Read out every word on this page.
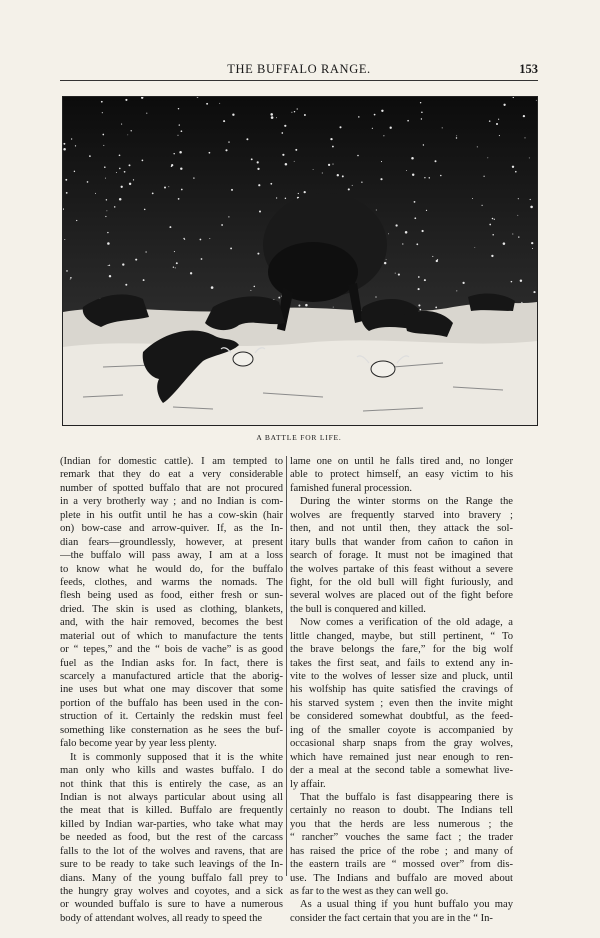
THE BUFFALO RANGE.	153
A BATTLE FOR LIFE.
(Indian for domestic cattle). I am tempted to
remark that they do eat a very considerable
number of spotted buffalo that are not procured
in a very brotherly way ; and no Indian is com-
plete in his outfit until he has a cow-skin (hair
on) bow-case and arrow-quiver. If, as the In-
dian fears—groundlessly, however, at present
—the buffalo will pass away, I am at a loss
to know what he would do, for the buffalo
feeds, clothes, and warms the nomads. The
flesh being used as food, either fresh or sun-
dried. The skin is used as clothing, blankets,
and, with the hair removed, becomes the best
material out of which to manufacture the tents
or “ tepes,” and the “ bois de vache” is as good
fuel as the Indian asks for. In fact, there is
scarcely a manufactured article that the aborig-
ine uses but what one may discover that some
portion of the buffalo has been used in the con-
struction of it. Certainly the redskin must feel
something like consternation as he sees the buf-
falo become year by year less plenty.
It is commonly supposed that it is the white
man only who kills and wastes buffalo. I do
not think that this is entirely the case, as an
Indian is not always particular about using all
the meat that is killed. Buffalo are frequently
killed by Indian war-parties, who take what may
be needed as food, but the rest of the carcass
falls to the lot of the wolves and ravens, that are
sure to be ready to take such leavings of the In-
dians. Many of the young buffalo fall prey to
the hungry gray wolves and coyotes, and a sick
or wounded buffalo is sure to have a numerous
body of attendant wolves, all ready to speed the
lame one on until he falls tired and, no longer
able to protect himself, an easy victim to his
famished funeral procession.
During the winter storms on the Range the
wolves are frequently starved into bravery ;
then, and not until then, they attack the sol-
itary bulls that wander from cañon to cañon in
search of forage. It must not be imagined that
the wolves partake of this feast without a severe
fight, for the old bull will fight furiously, and
several wolves are placed out of the fight before
the bull is conquered and killed.
Now comes a verification of the old adage, a
little changed, maybe, but still pertinent, “ To
the brave belongs the fare,” for the big wolf
takes the first seat, and fails to extend any in-
vite to the wolves of lesser size and pluck, until
his wolfship has quite satisfied the cravings of
his starved system ; even then the invite might
be considered somewhat doubtful, as the feed-
ing of the smaller coyote is accompanied by
occasional sharp snaps from the gray wolves,
which have remained just near enough to ren-
der a meal at the second table a somewhat live-
ly affair.
That the buffalo is fast disappearing there is
certainly no reason to doubt. The Indians tell
you that the herds are less numerous ; the
“ rancher” vouches the same fact ; the trader
has raised the price of the robe ; and many of
the eastern trails are “ mossed over” from dis-
use. The Indians and buffalo are moved about
as far to the west as they can well go.
As a usual thing if you hunt buffalo you may
consider the fact certain that you are in the “ In-
